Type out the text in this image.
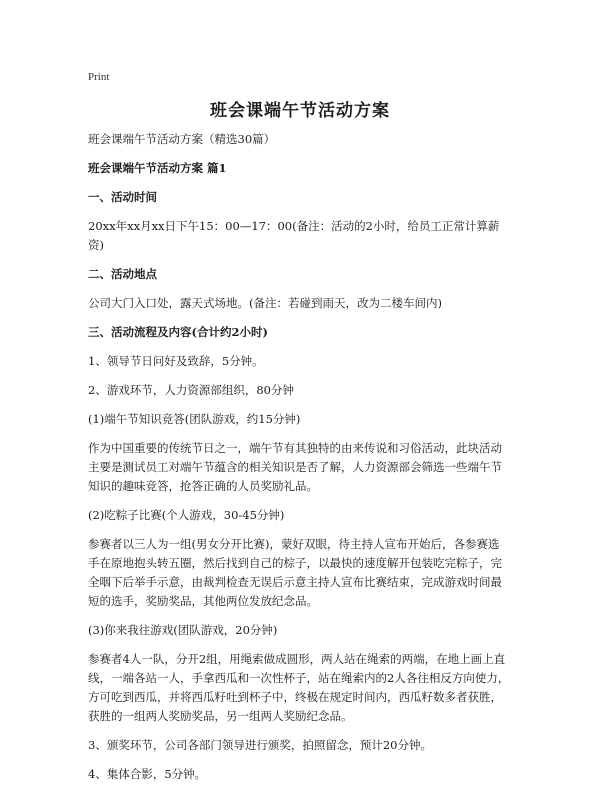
Print
班会课端午节活动方案

班会课端午节活动方案（精选30篇）

班会课端午节活动方案 篇1

一、活动时间

20xx年xx月xx日下午15：00—17：00(备注：活动的2小时，给员工正常计算薪资)

二、活动地点

公司大门入口处，露天式场地。(备注：若碰到雨天，改为二楼车间内)

三、活动流程及内容(合计约2小时)

1、领导节日问好及致辞，5分钟。

2、游戏环节，人力资源部组织，80分钟

(1)端午节知识竞答(团队游戏，约15分钟)

作为中国重要的传统节日之一，端午节有其独特的由来传说和习俗活动，此块活动主要是测试员工对端午节蕴含的相关知识是否了解，人力资源部会筛选一些端午节知识的趣味竞答，抢答正确的人员奖励礼品。

(2)吃粽子比赛(个人游戏，30-45分钟)

参赛者以三人为一组(男女分开比赛)，蒙好双眼，待主持人宣布开始后，各参赛选手在原地抱头转五圈，然后找到自己的棕子，以最快的速度解开包装吃完粽子，完全咽下后举手示意，由裁判检查无误后示意主持人宣布比赛结束，完成游戏时间最短的选手，奖励奖品，其他两位发放纪念品。

(3)你来我往游戏(团队游戏，20分钟)

参赛者4人一队，分开2组，用绳索做成圆形，两人站在绳索的两端，在地上画上直线，一端各站一人，手拿西瓜和一次性杯子，站在绳索内的2人各往相反方向使力，方可吃到西瓜，并将西瓜籽吐到杯子中，终极在规定时间内，西瓜籽数多者获胜，获胜的一组两人奖励奖品，另一组两人奖励纪念品。

3、颁奖环节，公司各部门领导进行颁奖，拍照留念，预计20分钟。

4、集体合影，5分钟。
